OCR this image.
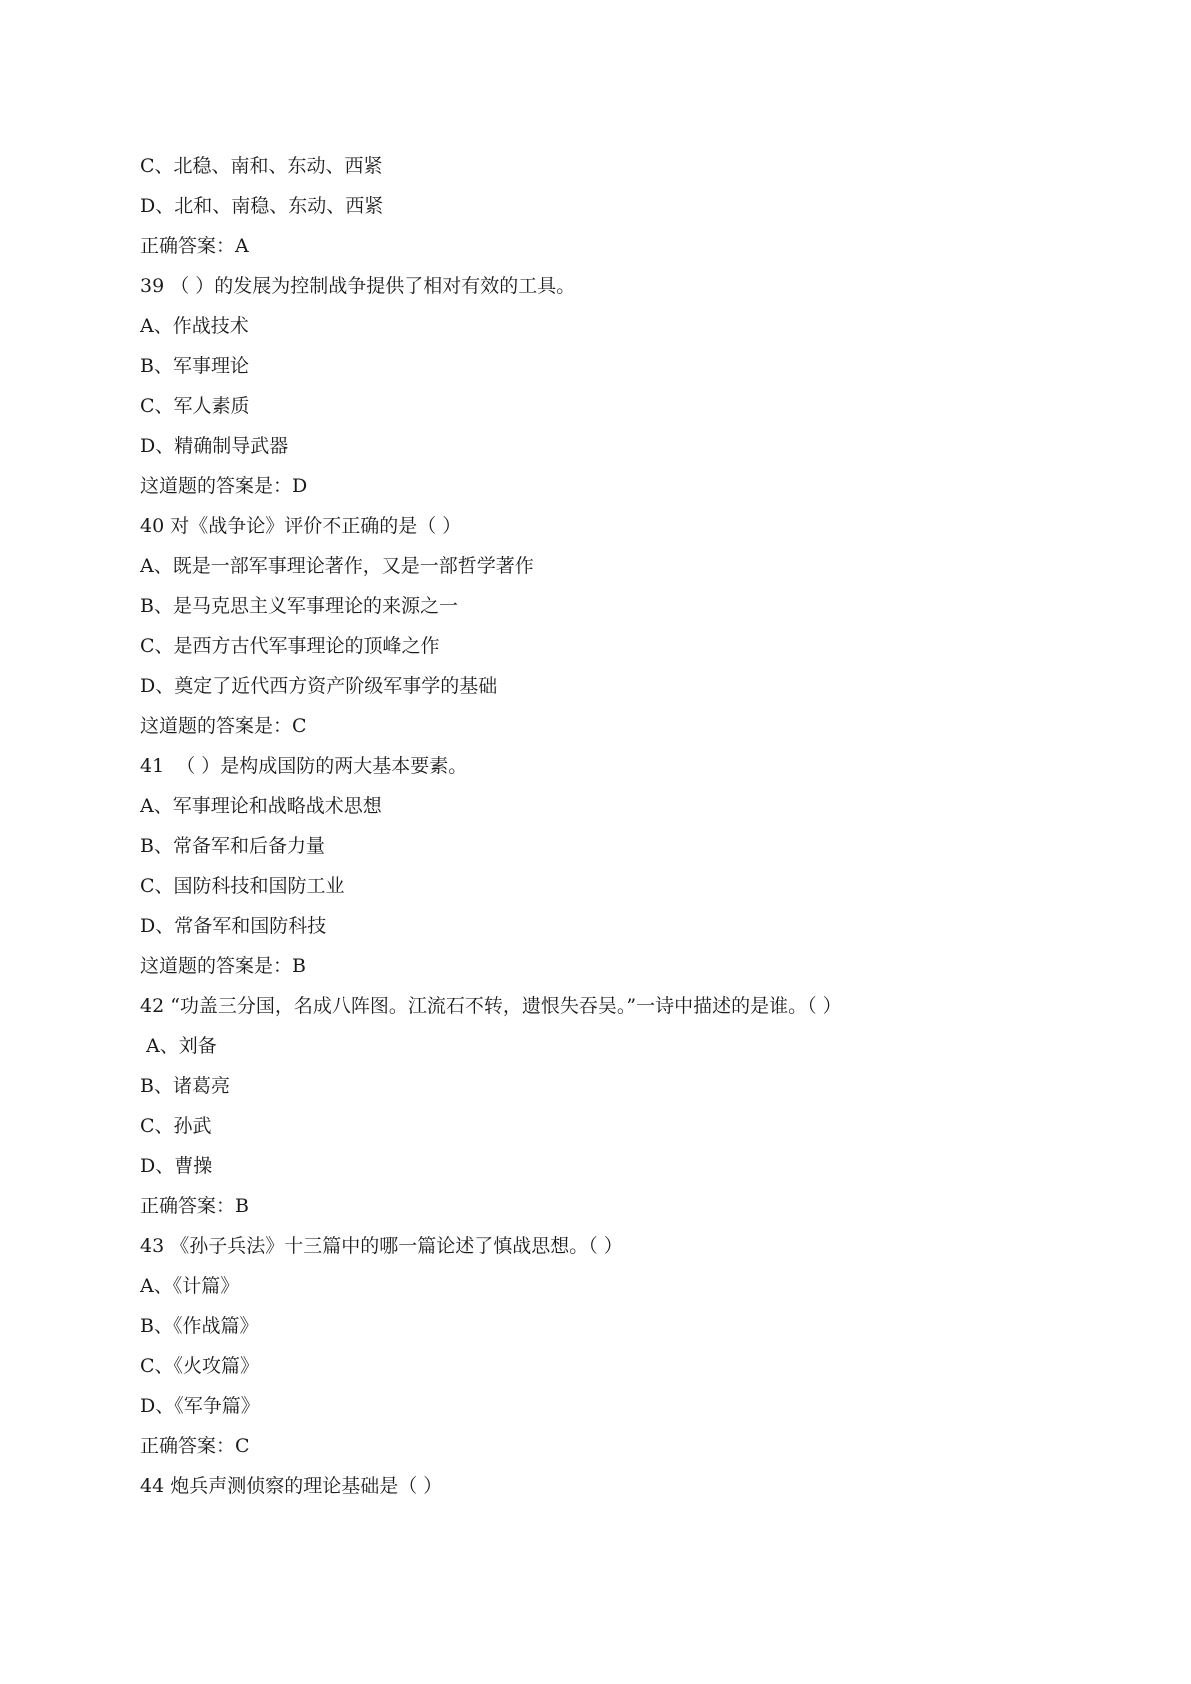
C、北稳、南和、东动、西紧
D、北和、南稳、东动、西紧
正确答案：A
39 （ ）的发展为控制战争提供了相对有效的工具。
A、作战技术
B、军事理论
C、军人素质
D、精确制导武器
这道题的答案是：D
40 对《战争论》评价不正确的是（ ）
A、既是一部军事理论著作，又是一部哲学著作
B、是马克思主义军事理论的来源之一
C、是西方古代军事理论的顶峰之作
D、奠定了近代西方资产阶级军事学的基础
这道题的答案是：C
41  （ ）是构成国防的两大基本要素。
A、军事理论和战略战术思想
B、常备军和后备力量
C、国防科技和国防工业
D、常备军和国防科技
这道题的答案是：B
42 “功盖三分国，名成八阵图。江流石不转，遗恨失吞吴。”一诗中描述的是谁。（ ）
A、刘备
B、诸葛亮
C、孙武
D、曹操
正确答案：B
43 《孙子兵法》十三篇中的哪一篇论述了慎战思想。（ ）
A、《计篇》
B、《作战篇》
C、《火攻篇》
D、《军争篇》
正确答案：C
44 炮兵声测侦察的理论基础是（ ）
